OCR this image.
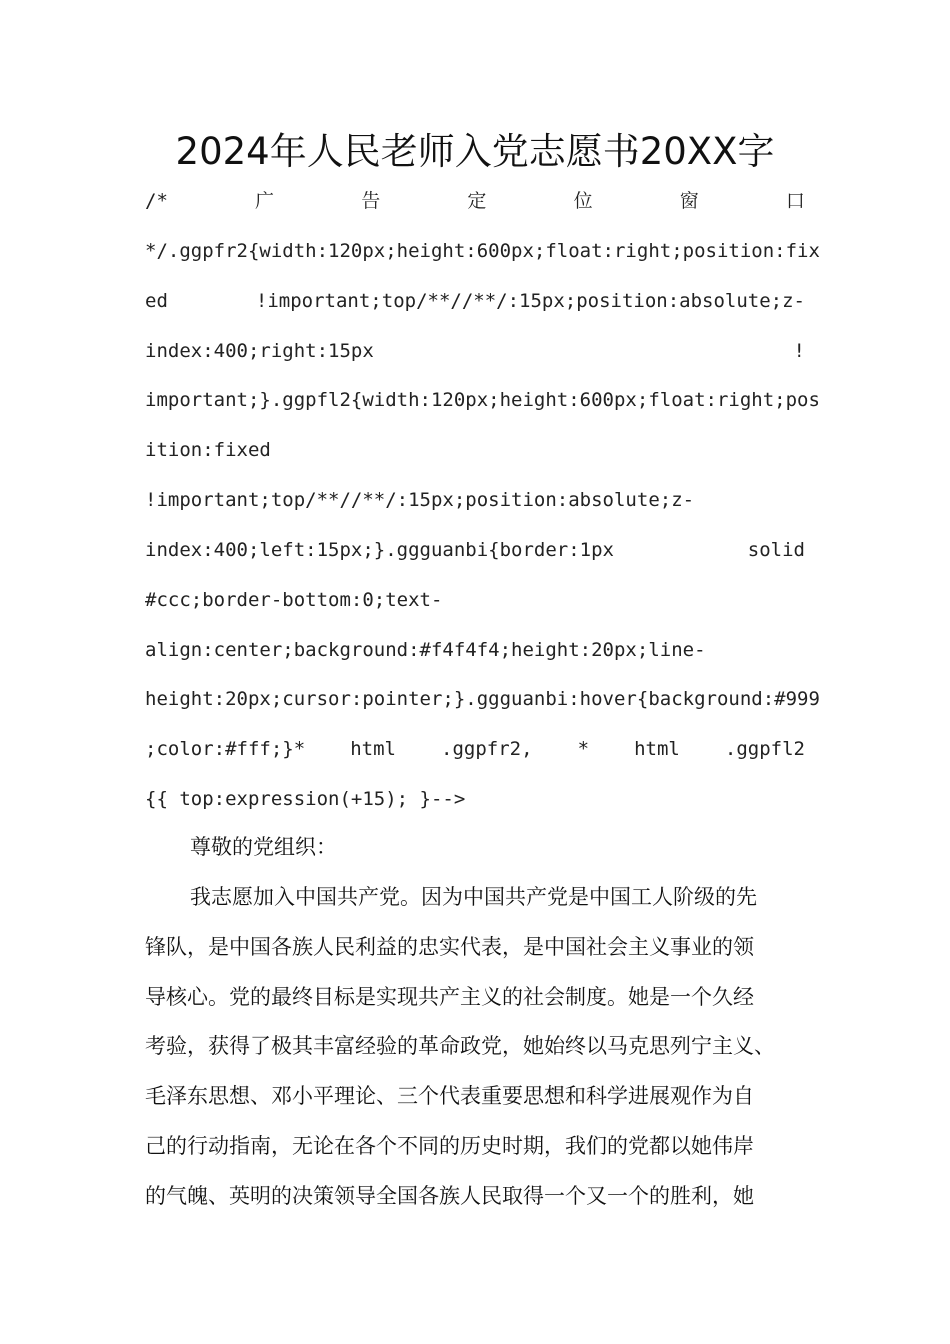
2024年人民老师入党志愿书20XX字
/*	广	告	定	位	窗	口
*/.ggpfr2{width:120px;height:600px;float:right;position:fix
ed	!important;top/**//**/:15px;position:absolute;z-
index:400;right:15px	!
important;}.ggpfl2{width:120px;height:600px;float:right;pos
ition:fixed
!important;top/**//**/:15px;position:absolute;z-
index:400;left:15px;}.ggguanbi{border:1px	solid
#ccc;border-bottom:0;text-
align:center;background:#f4f4f4;height:20px;line-
height:20px;cursor:pointer;}.ggguanbi:hover{background:#999
;color:#fff;}* html .ggpfr2, * html .ggpfl2
{{ top:expression(+15); }-->
尊敬的党组织：
我志愿加入中国共产党。因为中国共产党是中国工人阶级的先
锋队，是中国各族人民利益的忠实代表，是中国社会主义事业的领
导核心。党的最终目标是实现共产主义的社会制度。她是一个久经
考验，获得了极其丰富经验的革命政党，她始终以马克思列宁主义、
毛泽东思想、邓小平理论、三个代表重要思想和科学进展观作为自
己的行动指南，无论在各个不同的历史时期，我们的党都以她伟岸
的气魄、英明的决策领导全国各族人民取得一个又一个的胜利，她
